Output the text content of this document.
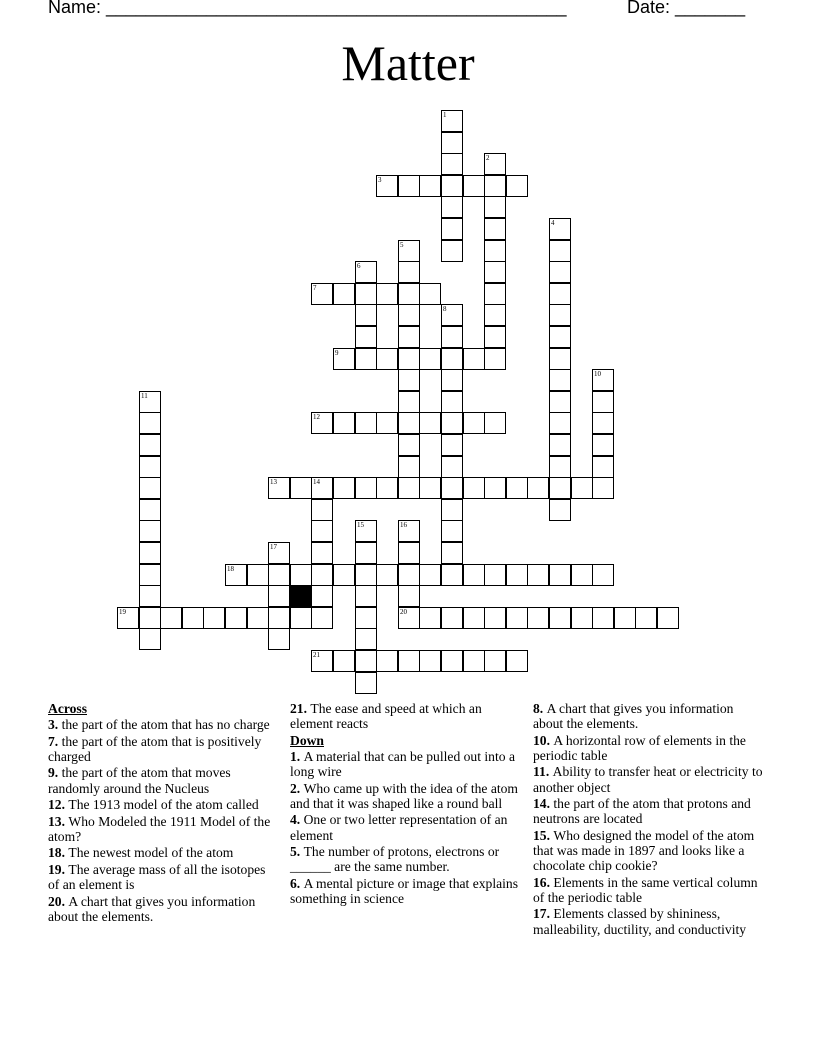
Name: ______________________________________________	Date: _______
Matter
1
2
3
4
5
6
7
8
9
10
11
12
13	14
15	16
17
18
19	20
21
Across
3. the part of the atom that has no charge
7. the part of the atom that is positively charged
9. the part of the atom that moves randomly around the Nucleus
12. The 1913 model of the atom called
13. Who Modeled the 1911 Model of the atom?
18. The newest model of the atom
19. The average mass of all the isotopes of an element is
20. A chart that gives you information about the elements.
21. The ease and speed at which an element reacts
Down
1. A material that can be pulled out into a long wire
2. Who came up with the idea of the atom and that it was shaped like a round ball
4. One or two letter representation of an element
5. The number of protons, electrons or ______ are the same number.
6. A mental picture or image that explains something in science
8. A chart that gives you information about the elements.
10. A horizontal row of elements in the periodic table
11. Ability to transfer heat or electricity to another object
14. the part of the atom that protons and neutrons are located
15. Who designed the model of the atom that was made in 1897 and looks like a chocolate chip cookie?
16. Elements in the same vertical column of the periodic table
17. Elements classed by shininess, malleability, ductility, and conductivity
